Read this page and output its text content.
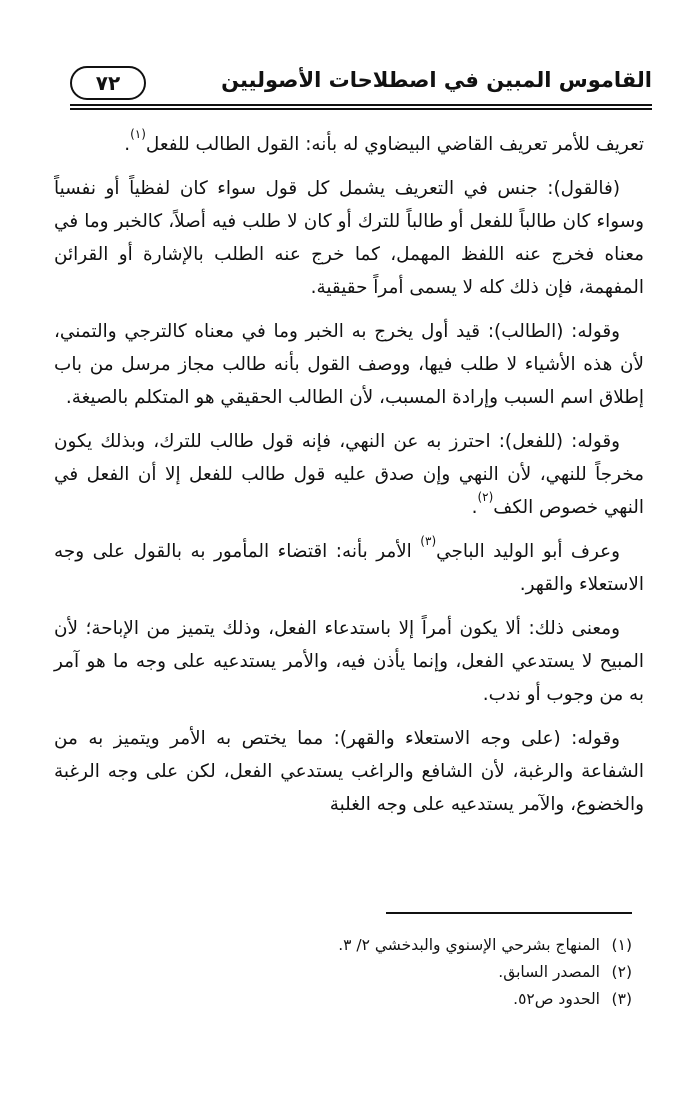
٧٢	القاموس المبين في اصطلاحات الأصوليين

تعريف للأمر تعريف القاضي البيضاوي له بأنه: القول الطالب للفعل$^{(١)}$.

(فالقول): جنس في التعريف يشمل كل قول سواء كان لفظياً أو نفسياً وسواء كان طالباً للفعل أو طالباً للترك أو كان لا طلب فيه أصلاً، كالخبر وما في معناه فخرج عنه اللفظ المهمل، كما خرج عنه الطلب بالإشارة أو القرائن المفهمة، فإن ذلك كله لا يسمى أمراً حقيقية.

وقوله: (الطالب): قيد أول يخرج به الخبر وما في معناه كالترجي والتمني، لأن هذه الأشياء لا طلب فيها، ووصف القول بأنه طالب مجاز مرسل من باب إطلاق اسم السبب وإرادة المسبب، لأن الطالب الحقيقي هو المتكلم بالصيغة.

وقوله: (للفعل): احترز به عن النهي، فإنه قول طالب للترك، وبذلك يكون مخرجاً للنهي، لأن النهي وإن صدق عليه قول طالب للفعل إلا أن الفعل في النهي خصوص الكف$^{(٢)}$.

وعرف أبو الوليد الباجي$^{(٣)}$ الأمر بأنه: اقتضاء المأمور به بالقول على وجه الاستعلاء والقهر.

ومعنى ذلك: ألا يكون أمراً إلا باستدعاء الفعل، وذلك يتميز من الإباحة؛ لأن المبيح لا يستدعي الفعل، وإنما يأذن فيه، والأمر يستدعيه على وجه ما هو آمر به من وجوب أو ندب.

وقوله: (على وجه الاستعلاء والقهر): مما يختص به الأمر ويتميز به من الشفاعة والرغبة، لأن الشافع والراغب يستدعي الفعل، لكن على وجه الرغبة والخضوع، والآمر يستدعيه على وجه الغلبة

(١)المنهاج بشرحي الإسنوي والبدخشي ٢/ ٣.
(٢)المصدر السابق.
(٣)الحدود ص٥٢.
